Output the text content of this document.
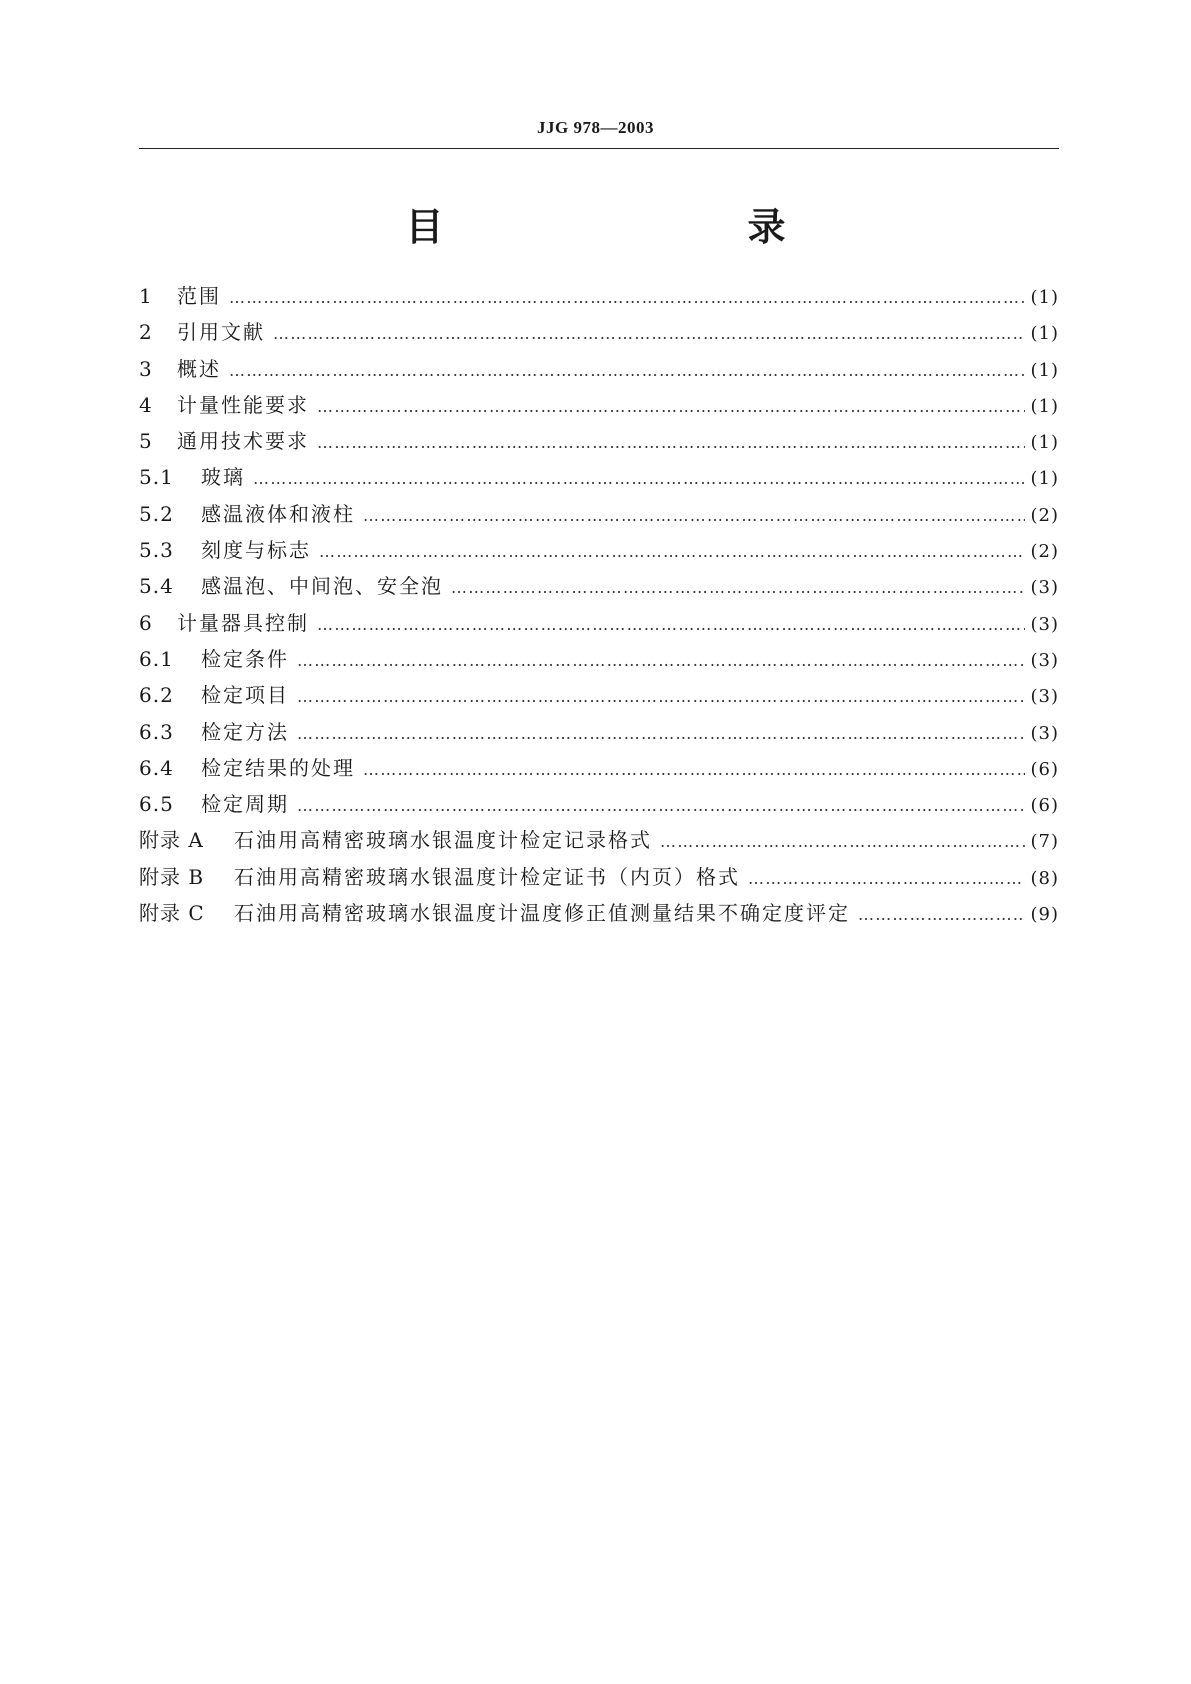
JJG 978—2003
目　　录
1	范围 …………………………………………………………………………………………………………………………………………………………………………………………	(1)
2	引用文献 …………………………………………………………………………………………………………………………………………………………………………………………	(1)
3	概述 …………………………………………………………………………………………………………………………………………………………………………………………	(1)
4	计量性能要求 …………………………………………………………………………………………………………………………………………………………………………………………	(1)
5	通用技术要求 …………………………………………………………………………………………………………………………………………………………………………………………	(1)
5.1	玻璃 …………………………………………………………………………………………………………………………………………………………………………………………	(1)
5.2	感温液体和液柱 …………………………………………………………………………………………………………………………………………………………………………………………	(2)
5.3	刻度与标志 …………………………………………………………………………………………………………………………………………………………………………………………	(2)
5.4	感温泡、中间泡、安全泡 …………………………………………………………………………………………………………………………………………………………………………………………	(3)
6	计量器具控制 …………………………………………………………………………………………………………………………………………………………………………………………	(3)
6.1	检定条件 …………………………………………………………………………………………………………………………………………………………………………………………	(3)
6.2	检定项目 …………………………………………………………………………………………………………………………………………………………………………………………	(3)
6.3	检定方法 …………………………………………………………………………………………………………………………………………………………………………………………	(3)
6.4	检定结果的处理 …………………………………………………………………………………………………………………………………………………………………………………………	(6)
6.5	检定周期 …………………………………………………………………………………………………………………………………………………………………………………………	(6)
附录 A	石油用高精密玻璃水银温度计检定记录格式 …………………………………………………………………………………………………………………………………………………………………………………………	(7)
附录 B	石油用高精密玻璃水银温度计检定证书（内页）格式 …………………………………………………………………………………………………………………………………………………………………………………………	(8)
附录 C	石油用高精密玻璃水银温度计温度修正值测量结果不确定度评定 …………………………………………………………………………………………………………………………………………………………………………………………	(9)
